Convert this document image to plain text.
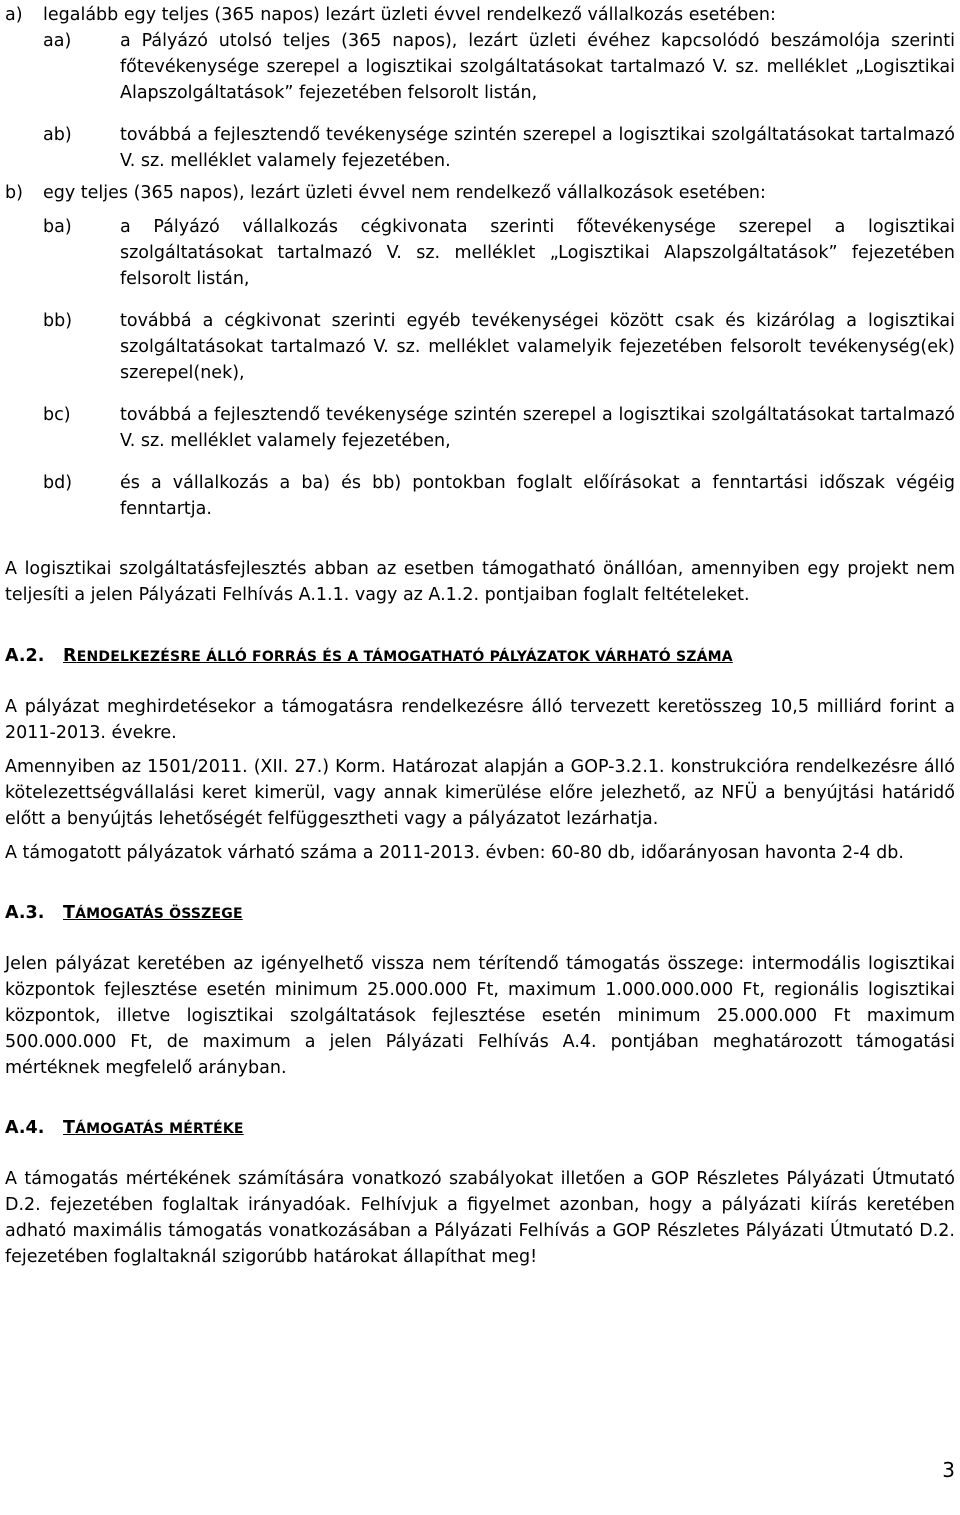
a)	legalább egy teljes (365 napos) lezárt üzleti évvel rendelkező vállalkozás esetében:
aa)	a Pályázó utolsó teljes (365 napos), lezárt üzleti évéhez kapcsolódó beszámolója szerinti főtevékenysége szerepel a logisztikai szolgáltatásokat tartalmazó V. sz. melléklet „Logisztikai Alapszolgáltatások” fejezetében felsorolt listán,
ab)	továbbá a fejlesztendő tevékenysége szintén szerepel a logisztikai szolgáltatásokat tartalmazó V. sz. melléklet valamely fejezetében.
b)	egy teljes (365 napos), lezárt üzleti évvel nem rendelkező vállalkozások esetében:
ba)	a Pályázó vállalkozás cégkivonata szerinti főtevékenysége szerepel a logisztikai szolgáltatásokat tartalmazó V. sz. melléklet „Logisztikai Alapszolgáltatások” fejezetében felsorolt listán,
bb)	továbbá a cégkivonat szerinti egyéb tevékenységei között csak és kizárólag a logisztikai szolgáltatásokat tartalmazó V. sz. melléklet valamelyik fejezetében felsorolt tevékenység(ek) szerepel(nek),
bc)	továbbá a fejlesztendő tevékenysége szintén szerepel a logisztikai szolgáltatásokat tartalmazó V. sz. melléklet valamely fejezetében,
bd)	és a vállalkozás a ba) és bb) pontokban foglalt előírásokat a fenntartási időszak végéig fenntartja.

A logisztikai szolgáltatásfejlesztés abban az esetben támogatható önállóan, amennyiben egy projekt nem teljesíti a jelen Pályázati Felhívás A.1.1. vagy az A.1.2. pontjaiban foglalt feltételeket.

A.2.	RENDELKEZÉSRE ÁLLÓ FORRÁS ÉS A TÁMOGATHATÓ PÁLYÁZATOK VÁRHATÓ SZÁMA

A pályázat meghirdetésekor a támogatásra rendelkezésre álló tervezett keretösszeg 10,5 milliárd forint a 2011-2013. évekre.

Amennyiben az 1501/2011. (XII. 27.) Korm. Határozat alapján a GOP-3.2.1. konstrukcióra rendelkezésre álló kötelezettségvállalási keret kimerül, vagy annak kimerülése előre jelezhető, az NFÜ a benyújtási határidő előtt a benyújtás lehetőségét felfüggesztheti vagy a pályázatot lezárhatja.

A támogatott pályázatok várható száma a 2011-2013. évben: 60-80 db, időarányosan havonta 2-4 db.

A.3.	TÁMOGATÁS ÖSSZEGE

Jelen pályázat keretében az igényelhető vissza nem térítendő támogatás összege: intermodális logisztikai központok fejlesztése esetén minimum 25.000.000 Ft, maximum 1.000.000.000 Ft, regionális logisztikai központok, illetve logisztikai szolgáltatások fejlesztése esetén minimum 25.000.000 Ft maximum 500.000.000 Ft, de maximum a jelen Pályázati Felhívás A.4. pontjában meghatározott támogatási mértéknek megfelelő arányban.

A.4.	TÁMOGATÁS MÉRTÉKE

A támogatás mértékének számítására vonatkozó szabályokat illetően a GOP Részletes Pályázati Útmutató D.2. fejezetében foglaltak irányadóak. Felhívjuk a figyelmet azonban, hogy a pályázati kiírás keretében adható maximális támogatás vonatkozásában a Pályázati Felhívás a GOP Részletes Pályázati Útmutató D.2. fejezetében foglaltaknál szigorúbb határokat állapíthat meg!

3
